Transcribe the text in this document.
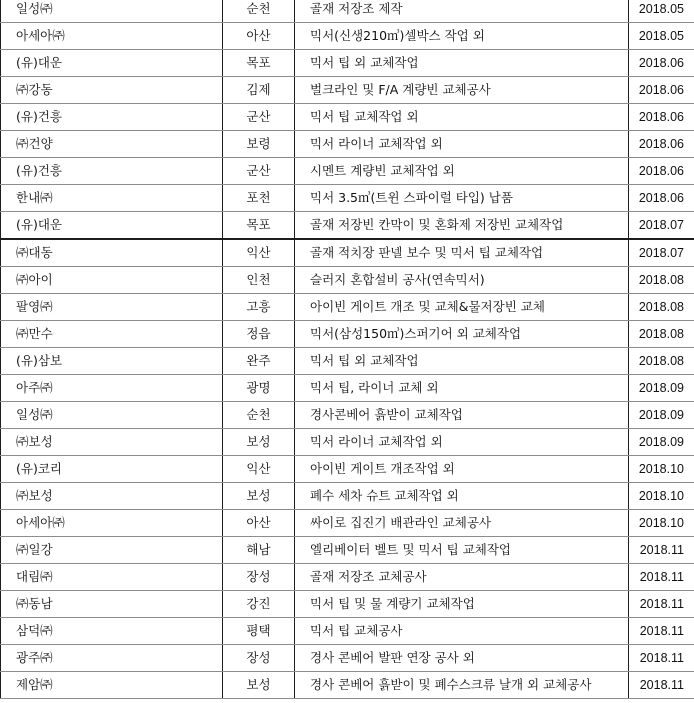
일성㈜	순천	골재 저장조 제작	2018.05
아세아㈜	아산	믹서(신생210㎥)셀박스 작업 외	2018.05
(유)대운	목포	믹서 팁 외 교체작업	2018.06
㈜강동	김제	벌크라인 및 F/A 계량빈 교체공사	2018.06
(유)건흥	군산	믹서 팁 교체작업 외	2018.06
㈜건양	보령	믹서 라이너 교체작업 외	2018.06
(유)건흥	군산	시멘트 계량빈 교체작업 외	2018.06
한내㈜	포천	믹서 3.5㎥(트윈 스파이럴 타입) 납품	2018.06
(유)대운	목포	골재 저장빈 칸막이 및 혼화제 저장빈 교체작업	2018.07
㈜대동	익산	골재 적치장 판넬 보수 및 믹서 팁 교체작업	2018.07
㈜아이	인천	슬러지 혼합설비 공사(연속믹서)	2018.08
팔영㈜	고흥	아이빈 게이트 개조 및 교체&물저장빈 교체	2018.08
㈜만수	정읍	믹서(삼성150㎥)스퍼기어 외 교체작업	2018.08
(유)삼보	완주	믹서 팁 외 교체작업	2018.08
아주㈜	광명	믹서 팁, 라이너 교체 외	2018.09
일성㈜	순천	경사콘베어 흙받이 교체작업	2018.09
㈜보성	보성	믹서 라이너 교체작업 외	2018.09
(유)코리	익산	아이빈 게이트 개조작업 외	2018.10
㈜보성	보성	폐수 세차 슈트 교체작업 외	2018.10
아세아㈜	아산	싸이로 집진기 배관라인 교체공사	2018.10
㈜일강	해남	엘리베이터 벨트 및 믹서 팁 교체작업	2018.11
대림㈜	장성	골재 저장조 교체공사	2018.11
㈜동남	강진	믹서 팁 및 물 계량기 교체작업	2018.11
삼덕㈜	평택	믹서 팁 교체공사	2018.11
광주㈜	장성	경사 콘베어 발판 연장 공사 외	2018.11
제암㈜	보성	경사 콘베어 흙받이 및 폐수스크류 날개 외 교체공사	2018.11
